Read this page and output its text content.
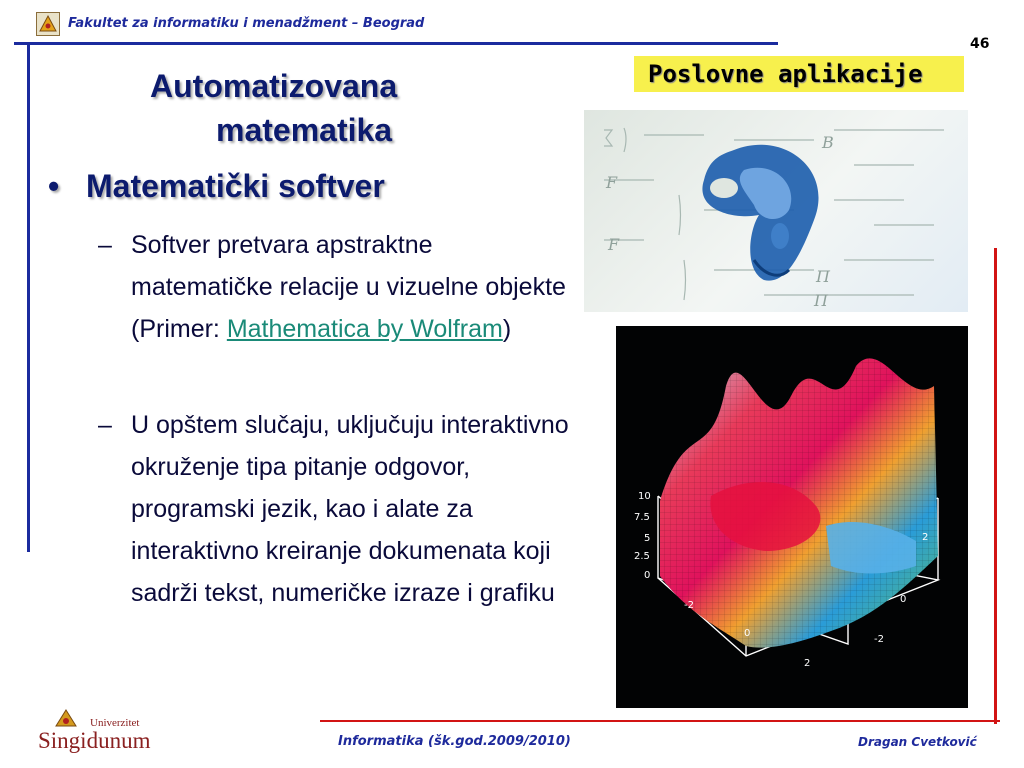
Fakultet za informatiku i menadžment – Beograd
46
Poslovne aplikacije
Automatizovana
matematika
• Matematički softver
– Softver pretvara apstraktne matematičke relacije u vizuelne objekte (Primer: Mathematica by Wolfram)
– U opštem slučaju, uključuju interaktivno okruženje tipa pitanje odgovor, programski jezik, kao i alate za interaktivno kreiranje dokumenata koji sadrži tekst, numeričke izraze i grafiku
B
F
F
Π
Π
10
7.5
5
2.5
0
-2
0
2
2
0
-2
Univerzitet
Singidunum	Informatika (šk.god.2009/2010)	Dragan Cvetković
